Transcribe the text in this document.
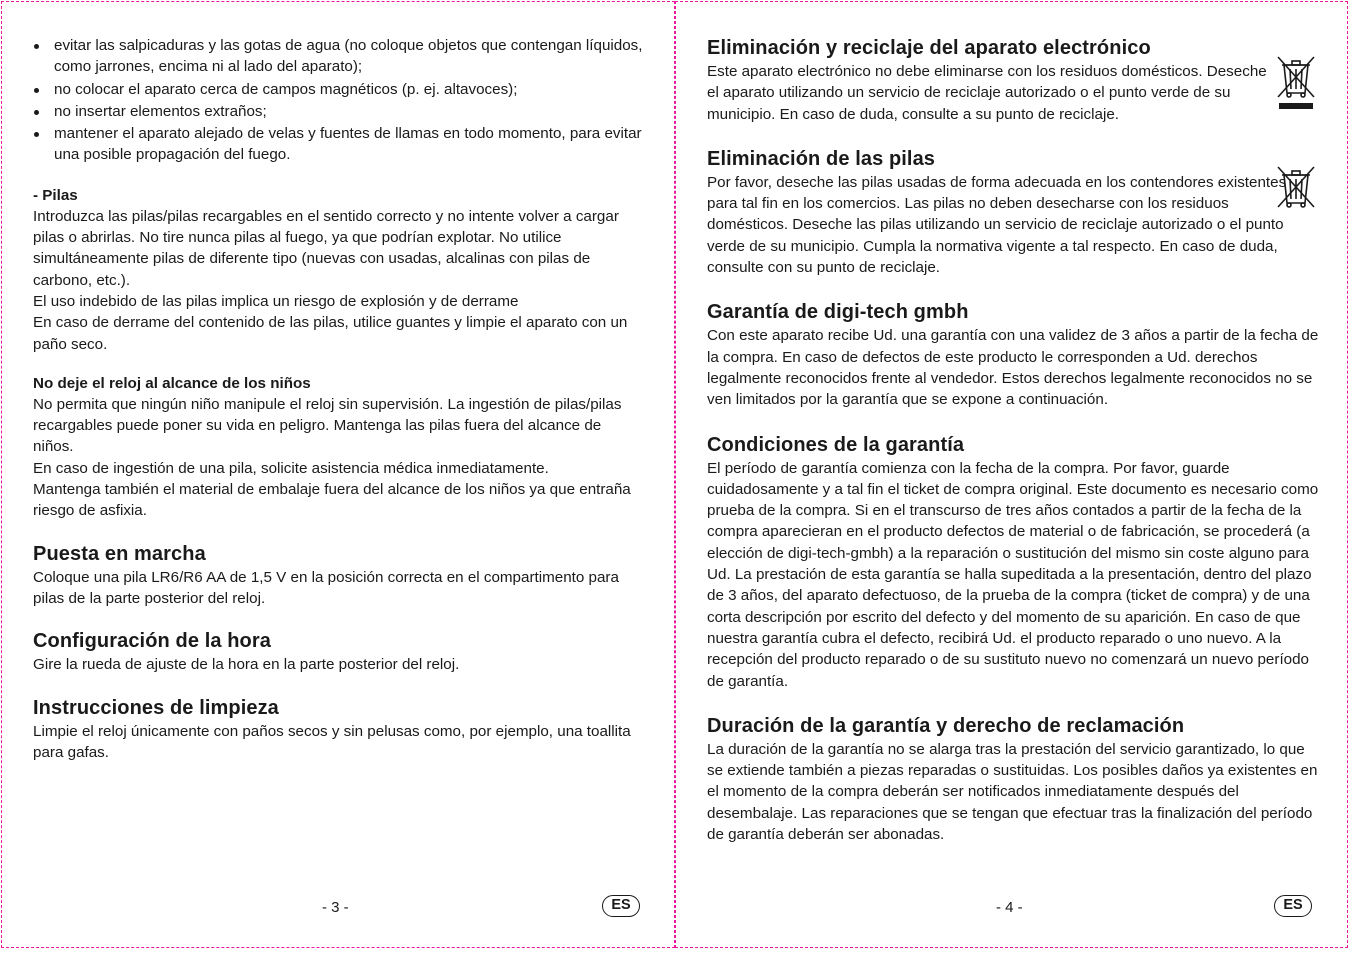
evitar las salpicaduras y las gotas de agua (no coloque objetos que contengan líquidos, como jarrones, encima ni al lado del aparato);
no colocar el aparato cerca de campos magnéticos (p. ej. altavoces);
no insertar elementos extraños;
mantener el aparato alejado de velas y fuentes de llamas en todo momento, para evitar una posible propagación del fuego.

- Pilas

Introduzca las pilas/pilas recargables en el sentido correcto y no intente volver a cargar pilas o abrirlas. No tire nunca pilas al fuego, ya que podrían explotar. No utilice simultáneamente pilas de diferente tipo (nuevas con usadas, alcalinas con pilas de carbono, etc.).

El uso indebido de las pilas implica un riesgo de explosión y de derrame

En caso de derrame del contenido de las pilas, utilice guantes y limpie el aparato con un paño seco.

No deje el reloj al alcance de los niños

No permita que ningún niño manipule el reloj sin supervisión. La ingestión de pilas/pilas recargables puede poner su vida en peligro. Mantenga las pilas fuera del alcance de niños.

En caso de ingestión de una pila, solicite asistencia médica inmediatamente.

Mantenga también el material de embalaje fuera del alcance de los niños ya que entraña riesgo de asfixia.

Puesta en marcha

Coloque una pila LR6/R6 AA de 1,5 V en la posición correcta en el compartimento para pilas de la parte posterior del reloj.

Configuración de la hora

Gire la rueda de ajuste de la hora en la parte posterior del reloj.

Instrucciones de limpieza

Limpie el reloj únicamente con paños secos y sin pelusas como, por ejemplo, una toallita para gafas.

- 3 -	ES
Eliminación y reciclaje del aparato electrónico

Este aparato electrónico no debe eliminarse con los residuos domésticos. Deseche el aparato utilizando un servicio de reciclaje autorizado o el punto verde de su municipio. En caso de duda, consulte a su punto de reciclaje.

Eliminación de las pilas

Por favor, deseche las pilas usadas de forma adecuada en los contendores existentes para tal fin en los comercios. Las pilas no deben desecharse con los residuos domésticos. Deseche las pilas utilizando un servicio de reciclaje autorizado o el punto verde de su municipio. Cumpla la normativa vigente a tal respecto. En caso de duda, consulte con su punto de reciclaje.

Garantía de digi-tech gmbh

Con este aparato recibe Ud. una garantía con una validez de 3 años a partir de la fecha de la compra. En caso de defectos de este producto le corresponden a Ud. derechos legalmente reconocidos frente al vendedor. Estos derechos legalmente reconocidos no se ven limitados por la garantía que se expone a continuación.

Condiciones de la garantía

El período de garantía comienza con la fecha de la compra. Por favor, guarde cuidadosamente y a tal fin el ticket de compra original. Este documento es necesario como prueba de la compra. Si en el transcurso de tres años contados a partir de la fecha de la compra aparecieran en el producto defectos de material o de fabricación, se procederá (a elección de digi-tech-gmbh) a la reparación o sustitución del mismo sin coste alguno para Ud. La prestación de esta garantía se halla supeditada a la presentación, dentro del plazo de 3 años, del aparato defectuoso, de la prueba de la compra (ticket de compra) y de una corta descripción por escrito del defecto y del momento de su aparición. En caso de que nuestra garantía cubra el defecto, recibirá Ud. el producto reparado o uno nuevo. A la recepción del producto reparado o de su sustituto nuevo no comenzará un nuevo período de garantía.

Duración de la garantía y derecho de reclamación

La duración de la garantía no se alarga tras la prestación del servicio garantizado, lo que se extiende también a piezas reparadas o sustituidas. Los posibles daños ya existentes en el momento de la compra deberán ser notificados inmediatamente después del desembalaje. Las reparaciones que se tengan que efectuar tras la finalización del período de garantía deberán ser abonadas.

- 4 -	ES
